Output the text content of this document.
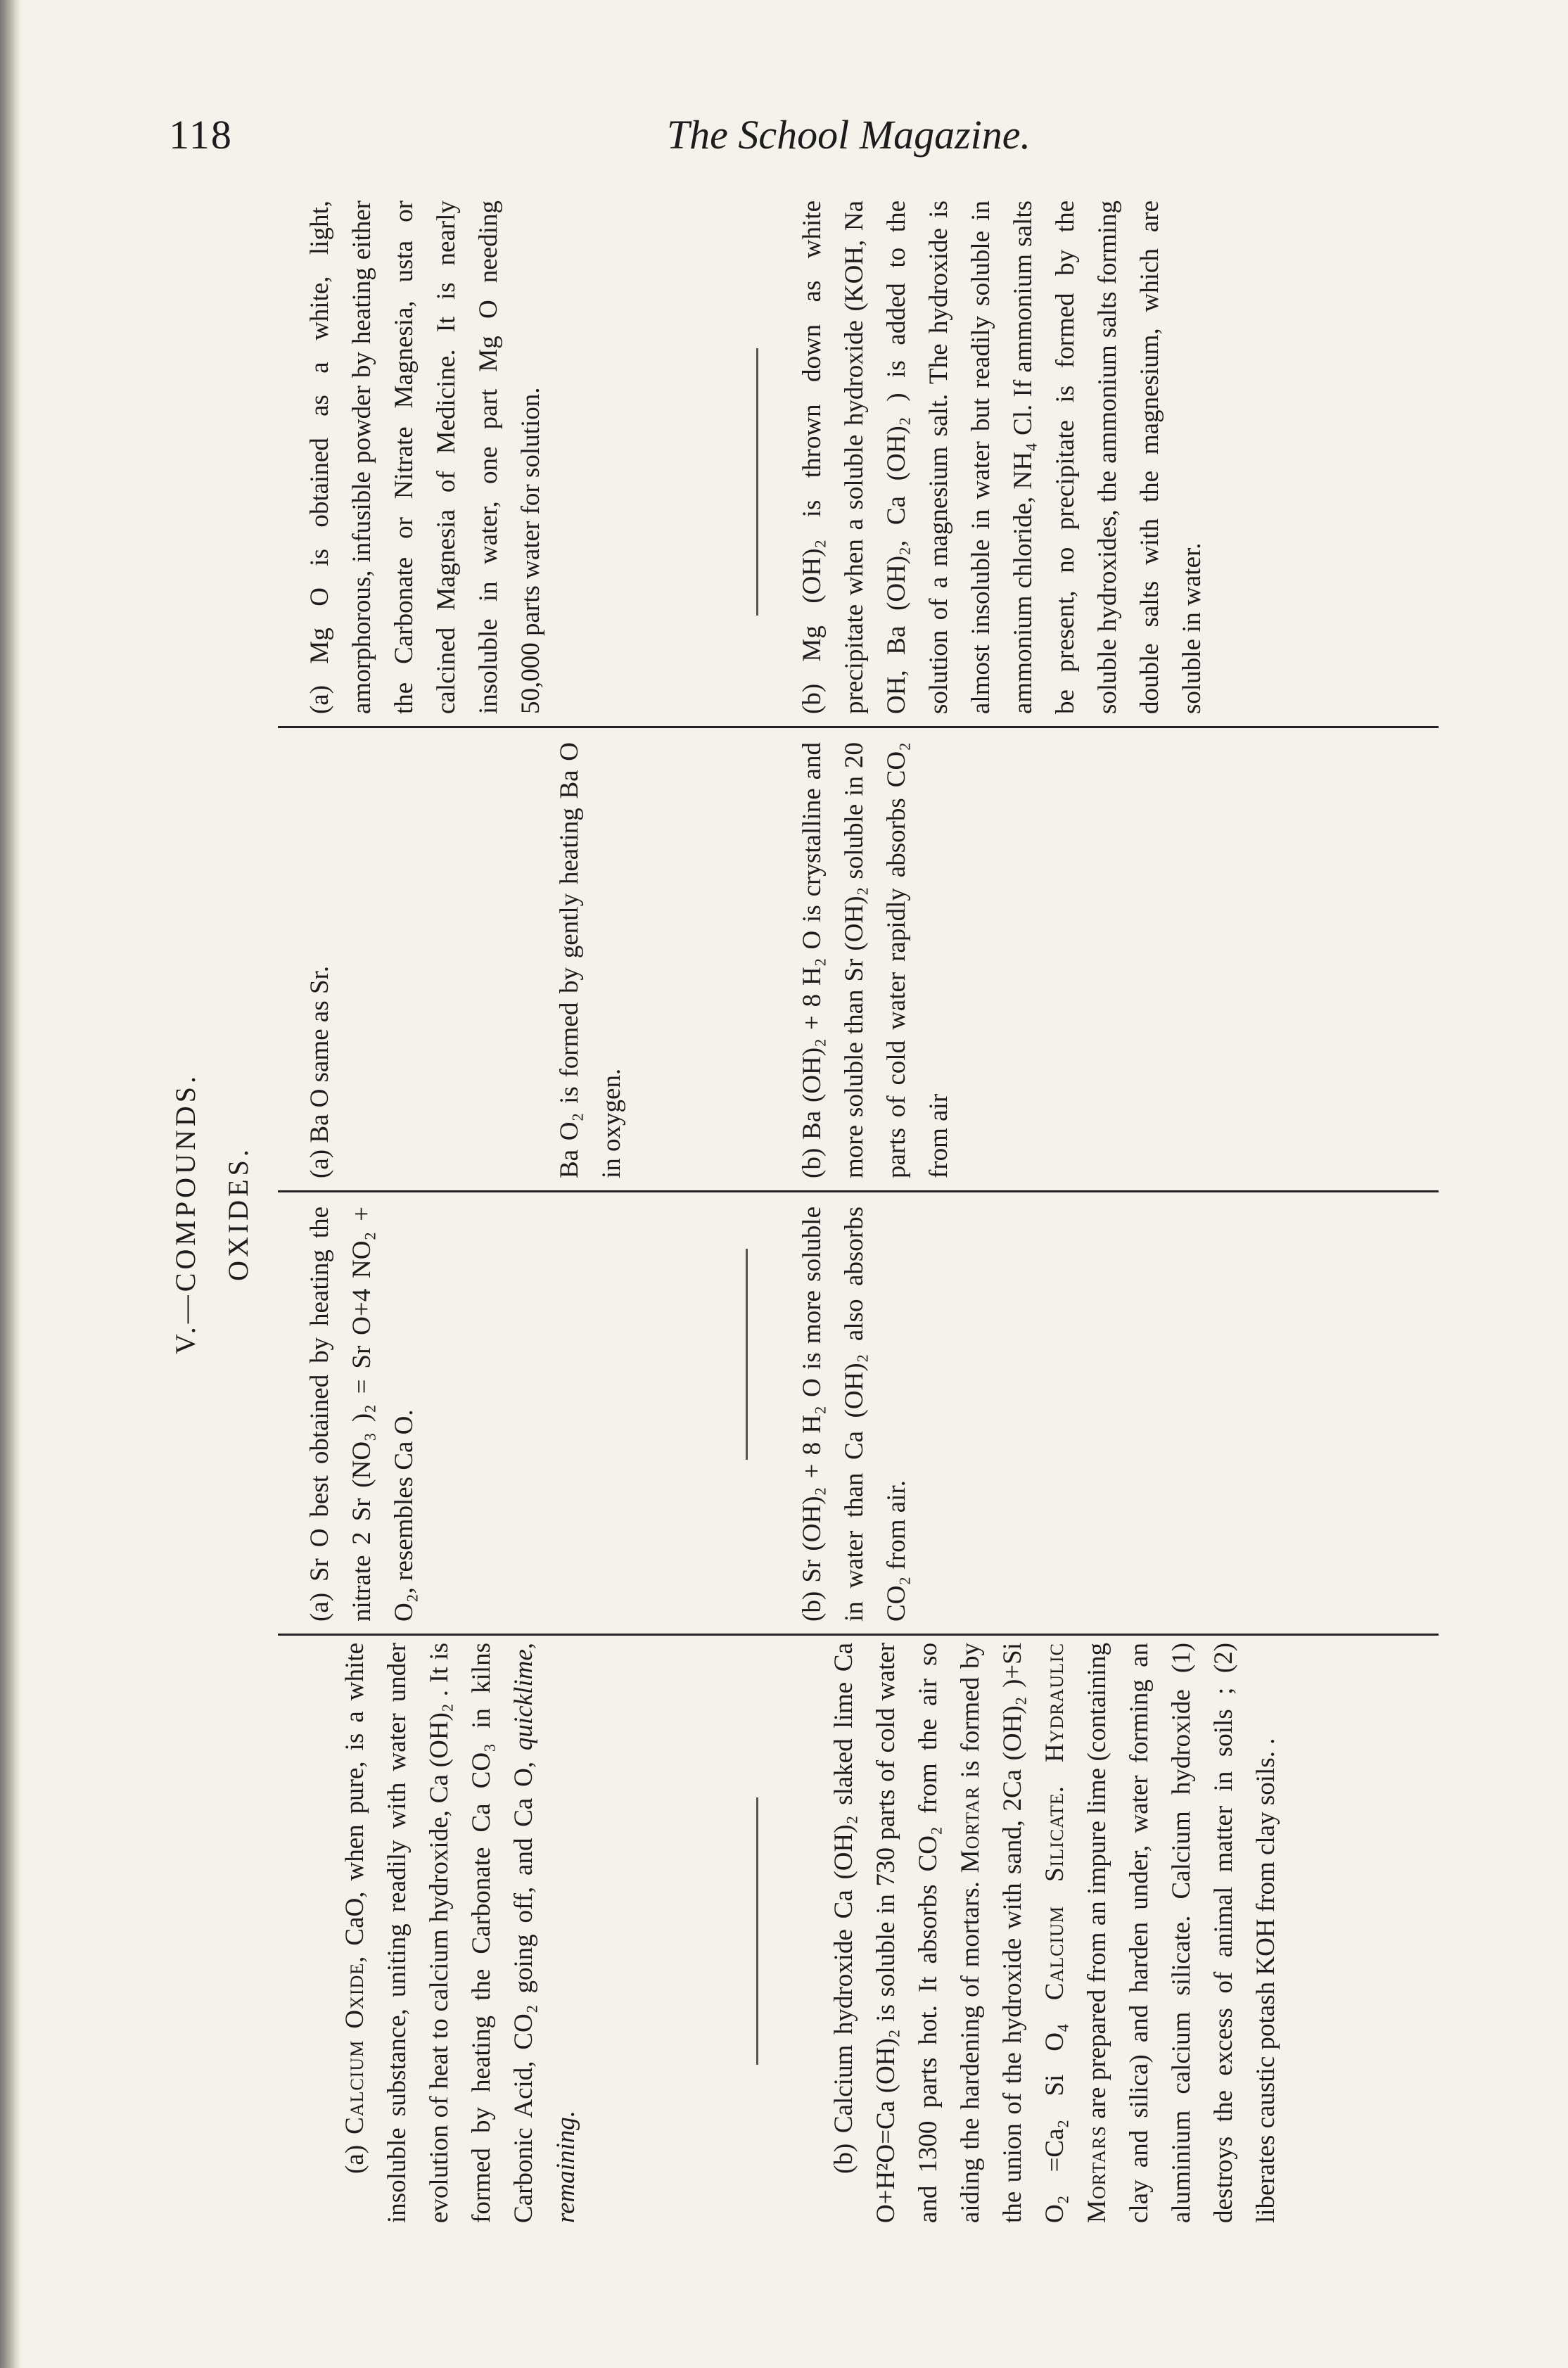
118	The School Magazine.
V.—COMPOUNDS. OXIDES.
(a) Calcium Oxide, CaO, when pure, is a white insoluble substance, uniting readily with water under evolution of heat to calcium hydroxide, Ca (OH)₂ . It is formed by heating the Carbonate Ca CO₃ in kilns Carbonic Acid, CO₂ going off, and Ca O, quicklime, remaining.	(b) Calcium hydroxide Ca (OH)₂ slaked lime Ca O+H²O=Ca (OH)₂ is soluble in 730 parts of cold water and 1300 parts hot. It absorbs CO₂ from the air so aiding the hardening of mortars. Mortar is formed by the union of the hydroxide with sand, 2Ca (OH)₂ )+Si O₂ =Ca₂ Si O₄ Calcium Silicate. Hydraulic Mortars are prepared from an impure lime (containing clay and silica) and harden under, water forming an aluminium calcium silicate. Calcium hydroxide (1) destroys the excess of animal matter in soils ; (2) liberates caustic potash KOH from clay soils. .
(a) Sr O best obtained by heating the nitrate 2 Sr (NO₃ )₂ = Sr O+4 NO₂ + O₂, resembles Ca O.	(b) Sr (OH)₂ + 8 H₂ O is more soluble in water than Ca (OH)₂ also absorbs CO₂ from air.
(a) Ba O same as Sr.	Ba O₂ is formed by gently heating Ba O in oxygen.	(b) Ba (OH)₂ + 8 H₂ O is crystalline and more soluble than Sr (OH)₂ soluble in 20 parts of cold water rapidly absorbs CO₂ from air
(a) Mg O is obtained as a white, light, amorphorous, infusible powder by heating either the Carbonate or Nitrate Magnesia, usta or calcined Magnesia of Medicine. It is nearly insoluble in water, one part Mg O needing 50,000 parts water for solution.	(b) Mg (OH)₂ is thrown down as white precipitate when a soluble hydroxide (KOH, Na OH, Ba (OH)₂, Ca (OH)₂ ) is added to the solution of a magnesium salt. The hydroxide is almost insoluble in water but readily soluble in ammonium chloride, NH₄ Cl. If ammonium salts be present, no precipitate is formed by the soluble hydroxides, the ammonium salts forming double salts with the magnesium, which are soluble in water.
